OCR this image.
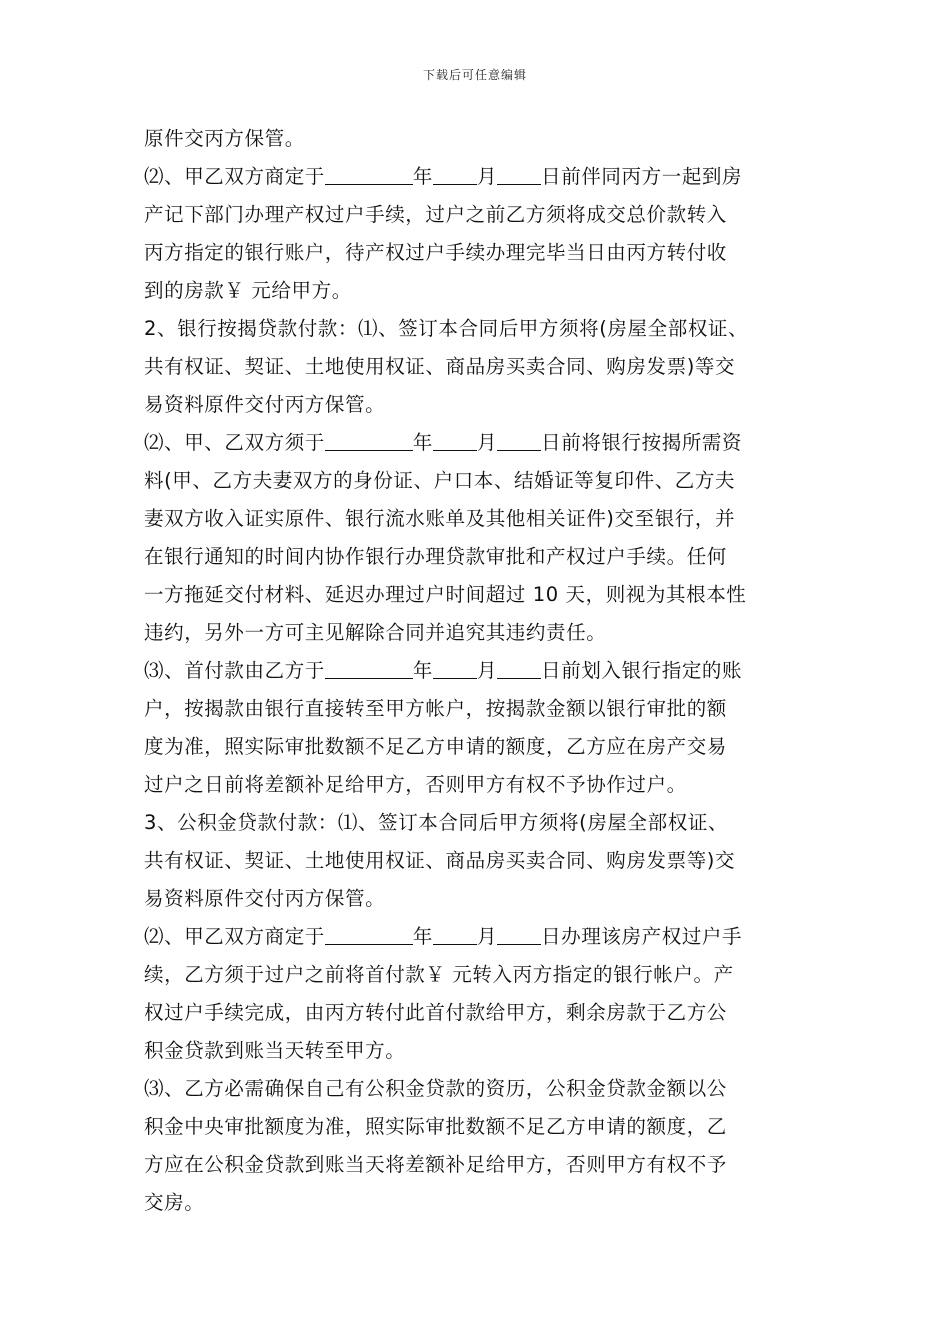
下载后可任意编辑
原件交丙方保管。
⑵、甲乙双方商定于	年 月 日前伴同丙方一起到房
产记下部门办理产权过户手续，过户之前乙方须将成交总价款转入
丙方指定的银行账户，待产权过户手续办理完毕当日由丙方转付收
到的房款￥ 元给甲方。
2、银行按揭贷款付款：⑴、签订本合同后甲方须将(房屋全部权证、
共有权证、契证、土地使用权证、商品房买卖合同、购房发票)等交
易资料原件交付丙方保管。
⑵、甲、乙双方须于	年 月 日前将银行按揭所需资
料(甲、乙方夫妻双方的身份证、户口本、结婚证等复印件、乙方夫
妻双方收入证实原件、银行流水账单及其他相关证件)交至银行，并
在银行通知的时间内协作银行办理贷款审批和产权过户手续。任何
一方拖延交付材料、延迟办理过户时间超过 10 天，则视为其根本性
违约，另外一方可主见解除合同并追究其违约责任。
⑶、首付款由乙方于	年 月 日前划入银行指定的账
户，按揭款由银行直接转至甲方帐户，按揭款金额以银行审批的额
度为准，照实际审批数额不足乙方申请的额度，乙方应在房产交易
过户之日前将差额补足给甲方，否则甲方有权不予协作过户。
3、公积金贷款付款：⑴、签订本合同后甲方须将(房屋全部权证、
共有权证、契证、土地使用权证、商品房买卖合同、购房发票等)交
易资料原件交付丙方保管。
⑵、甲乙双方商定于	年 月 日办理该房产权过户手
续，乙方须于过户之前将首付款￥ 元转入丙方指定的银行帐户。产
权过户手续完成，由丙方转付此首付款给甲方，剩余房款于乙方公
积金贷款到账当天转至甲方。
⑶、乙方必需确保自己有公积金贷款的资历，公积金贷款金额以公
积金中央审批额度为准，照实际审批数额不足乙方申请的额度，乙
方应在公积金贷款到账当天将差额补足给甲方，否则甲方有权不予
交房。
